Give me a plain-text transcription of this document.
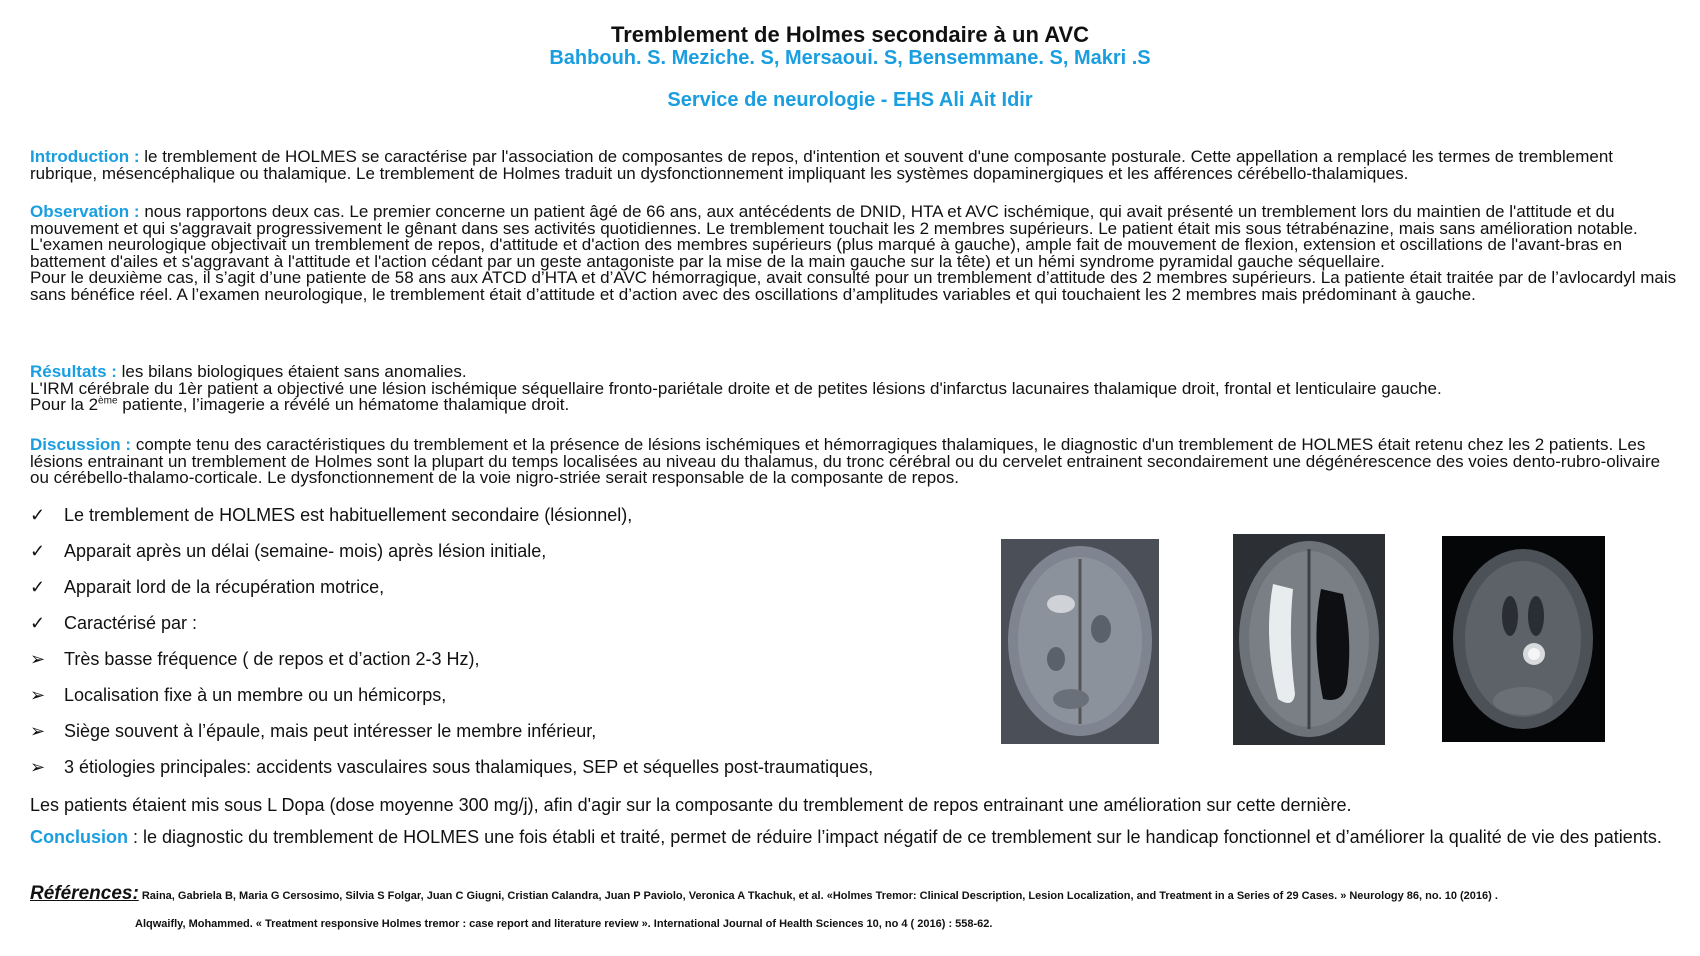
Tremblement de Holmes secondaire à un AVC
Bahbouh. S. Meziche. S, Mersaoui. S, Bensemmane. S, Makri .S
Service de neurologie - EHS Ali Ait Idir

Introduction : le tremblement de HOLMES se caractérise par l'association de composantes de repos, d'intention et souvent d'une composante posturale. Cette appellation a remplacé les termes de tremblement rubrique, mésencéphalique ou thalamique. Le tremblement de Holmes traduit un dysfonctionnement impliquant les systèmes dopaminergiques et les afférences cérébello-thalamiques.

Observation : nous rapportons deux cas. Le premier concerne un patient âgé de 66 ans, aux antécédents de DNID, HTA et AVC ischémique, qui avait présenté un tremblement lors du maintien de l'attitude et du mouvement et qui s'aggravait progressivement le gênant dans ses activités quotidiennes. Le tremblement touchait les 2 membres supérieurs. Le patient était mis sous tétrabénazine, mais sans amélioration notable. L'examen neurologique objectivait un tremblement de repos, d'attitude et d'action des membres supérieurs (plus marqué à gauche), ample fait de mouvement de flexion, extension et oscillations de l'avant-bras en battement d'ailes et s'aggravant à l'attitude et l'action cédant par un geste antagoniste par la mise de la main gauche sur la tête) et un hémi syndrome pyramidal gauche séquellaire.

Pour le deuxième cas, il s’agit d’une patiente de 58 ans aux ATCD d’HTA et d’AVC hémorragique, avait consulté pour un tremblement d’attitude des 2 membres supérieurs. La patiente était traitée par de l’avlocardyl mais sans bénéfice réel. A l’examen neurologique, le tremblement était d’attitude et d’action avec des oscillations d’amplitudes variables et qui touchaient les 2 membres mais prédominant à gauche.

Résultats : les bilans biologiques étaient sans anomalies.

L'IRM cérébrale du 1èr patient a objectivé une lésion ischémique séquellaire fronto-pariétale droite et de petites lésions d'infarctus lacunaires thalamique droit, frontal et lenticulaire gauche.

Pour la 2ème patiente, l’imagerie a révélé un hématome thalamique droit.

Discussion : compte tenu des caractéristiques du tremblement et la présence de lésions ischémiques et hémorragiques thalamiques, le diagnostic d'un tremblement de HOLMES était retenu chez les 2 patients. Les lésions entrainant un tremblement de Holmes sont la plupart du temps localisées au niveau du thalamus, du tronc cérébral ou du cervelet entrainent secondairement une dégénérescence des voies dento-rubro-olivaire ou cérébello-thalamo-corticale. Le dysfonctionnement de la voie nigro-striée serait responsable de la composante de repos.

✓	Le tremblement de HOLMES est habituellement secondaire (lésionnel),
✓	Apparait après un délai (semaine- mois) après lésion initiale,
✓	Apparait lord de la récupération motrice,
✓	Caractérisé par :
➢	Très basse fréquence ( de repos et d’action 2-3 Hz),
➢	Localisation fixe à un membre ou un hémicorps,
➢	Siège souvent à l’épaule, mais peut intéresser le membre inférieur,
➢	3 étiologies principales: accidents vasculaires sous thalamiques, SEP et séquelles post-traumatiques,
Les patients étaient mis sous L Dopa (dose moyenne 300 mg/j), afin d'agir sur la composante du tremblement de repos entrainant une amélioration sur cette dernière.
Conclusion : le diagnostic du tremblement de HOLMES une fois établi et traité, permet de réduire l’impact négatif de ce tremblement sur le handicap fonctionnel et d’améliorer la qualité de vie des patients.
Références: Raina, Gabriela B, Maria G Cersosimo, Silvia S Folgar, Juan C Giugni, Cristian Calandra, Juan P Paviolo, Veronica A Tkachuk, et al. «Holmes Tremor: Clinical Description, Lesion Localization, and Treatment in a Series of 29 Cases. » Neurology 86, no. 10 (2016) .
Alqwaifly, Mohammed. « Treatment responsive Holmes tremor : case report and literature review ». International Journal of Health Sciences 10, no 4 ( 2016) : 558-62.
